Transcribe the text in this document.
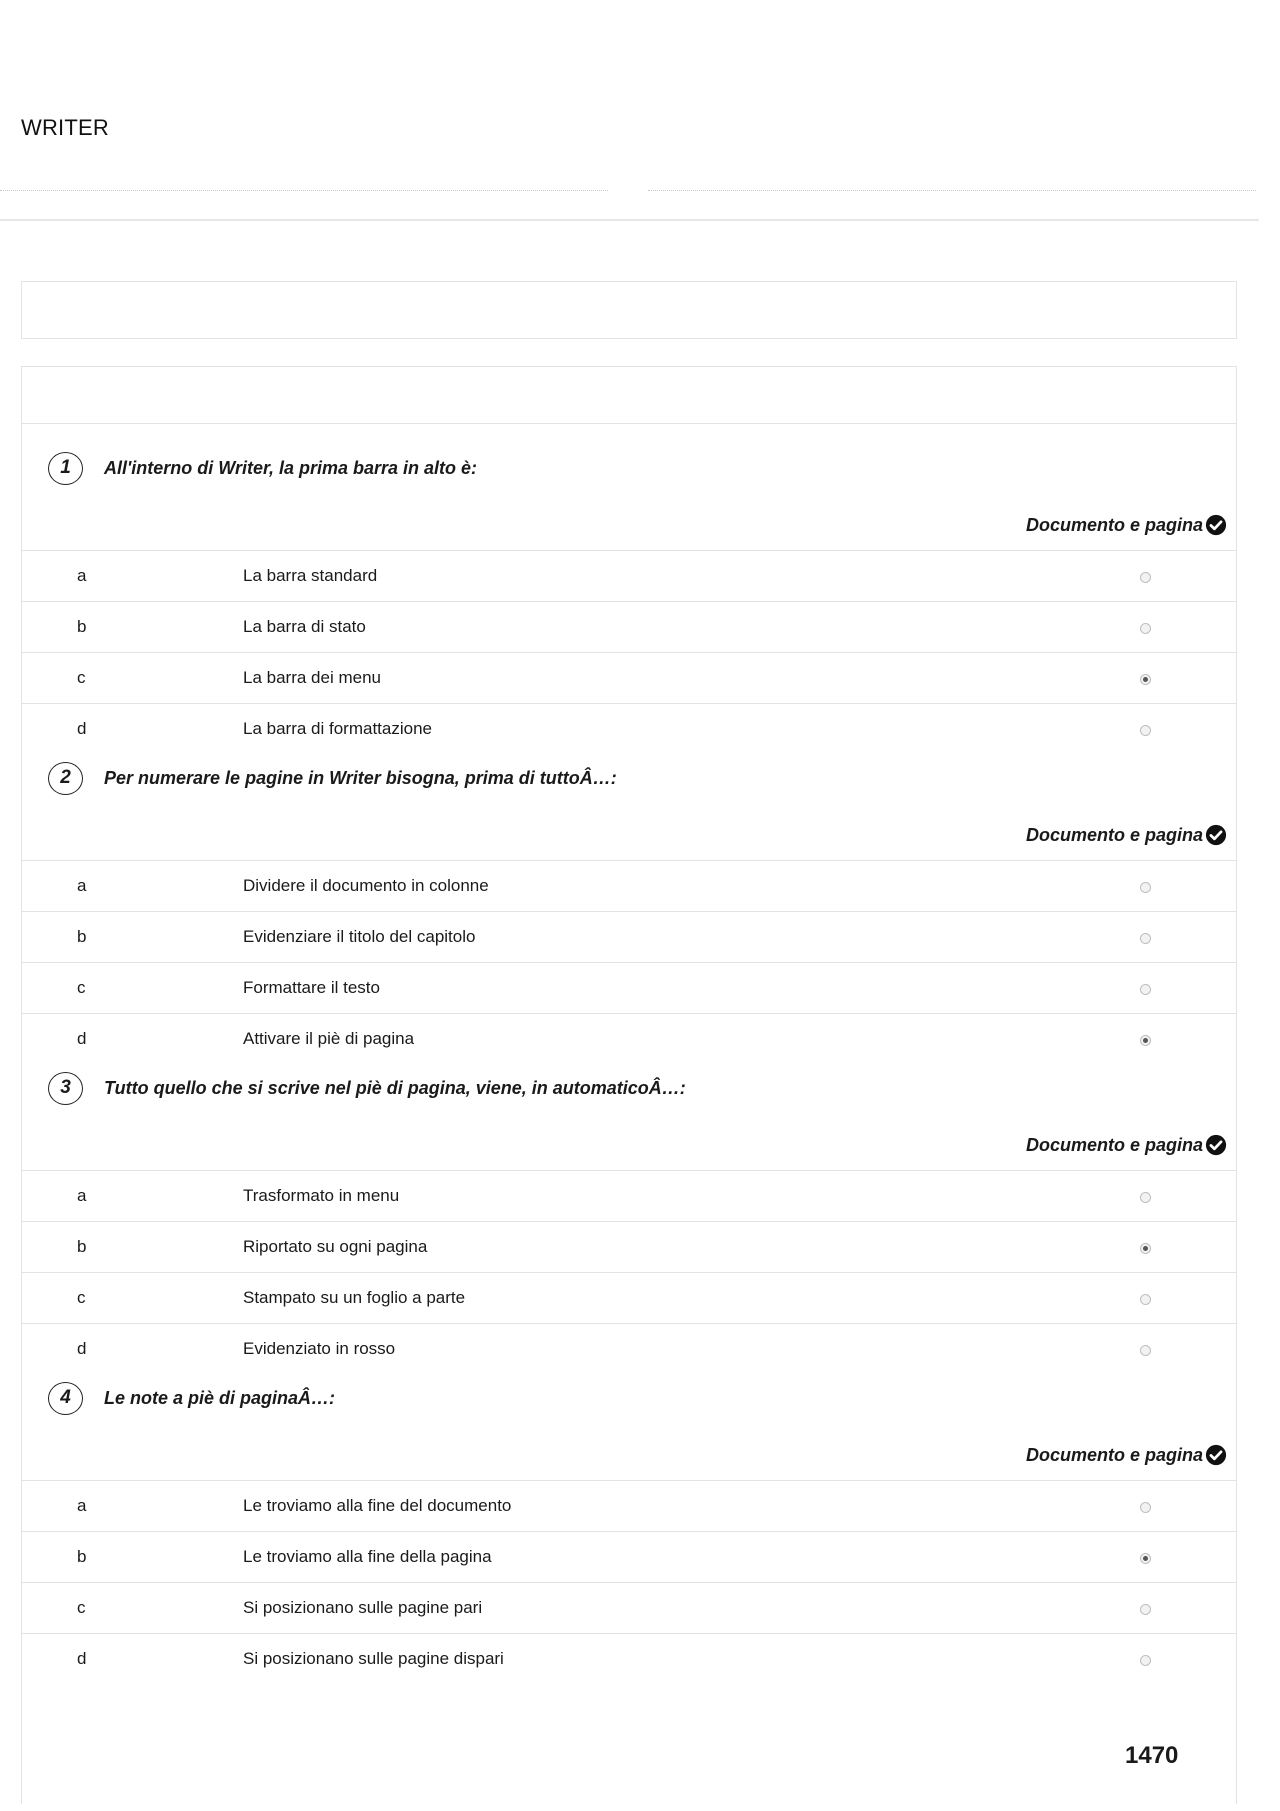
WRITER
1	All'interno di Writer, la prima barra in alto è:
Documento e pagina
a	La barra standard
b	La barra di stato
c	La barra dei menu
d	La barra di formattazione
2	Per numerare le pagine in Writer bisogna, prima di tuttoÂ…:
Documento e pagina
a	Dividere il documento in colonne
b	Evidenziare il titolo del capitolo
c	Formattare il testo
d	Attivare il piè di pagina
3	Tutto quello che si scrive nel piè di pagina, viene, in automaticoÂ…:
Documento e pagina
a	Trasformato in menu
b	Riportato su ogni pagina
c	Stampato su un foglio a parte
d	Evidenziato in rosso
4	Le note a piè di paginaÂ…:
Documento e pagina
a	Le troviamo alla fine del documento
b	Le troviamo alla fine della pagina
c	Si posizionano sulle pagine pari
d	Si posizionano sulle pagine dispari
1470
